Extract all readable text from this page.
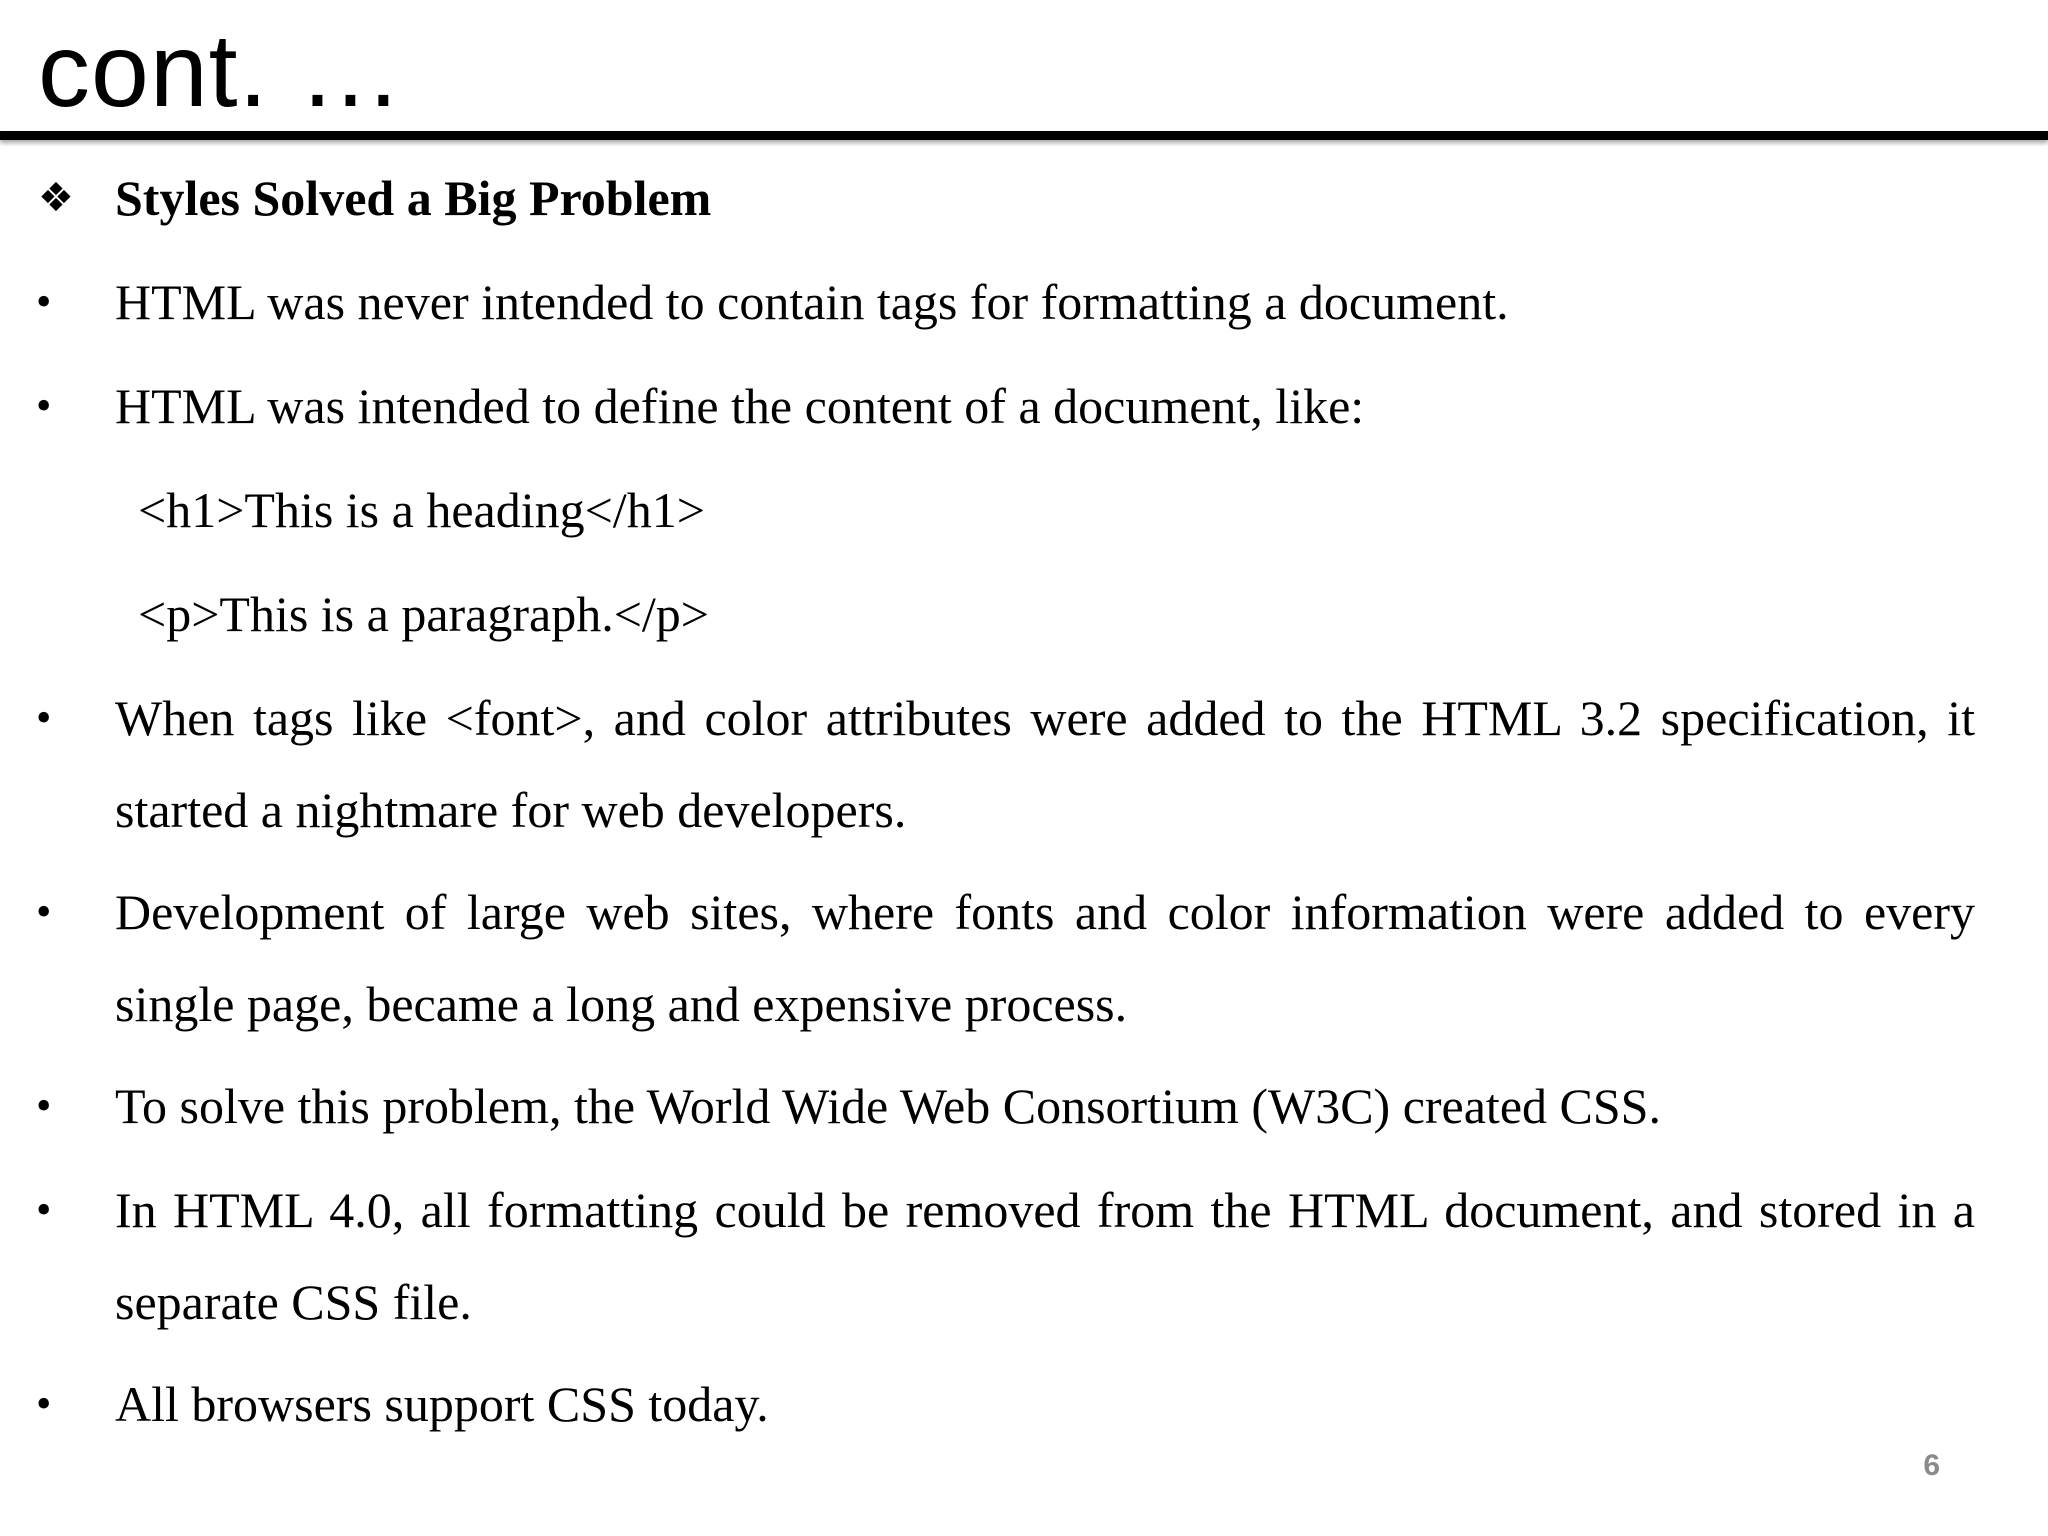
cont. …
❖ Styles Solved a Big Problem
•	HTML was never intended to contain tags for formatting a document.
•	HTML was intended to define the content of a document, like:
<h1>This is a heading</h1>
<p>This is a paragraph.</p>
•	When tags like <font>, and color attributes were added to the HTML 3.2 specification, it started a nightmare for web developers.
•	Development of large web sites, where fonts and color information were added to every single page, became a long and expensive process.
•	To solve this problem, the World Wide Web Consortium (W3C) created CSS.
•	In HTML 4.0, all formatting could be removed from the HTML document, and stored in a separate CSS file.
•	All browsers support CSS today.
6
